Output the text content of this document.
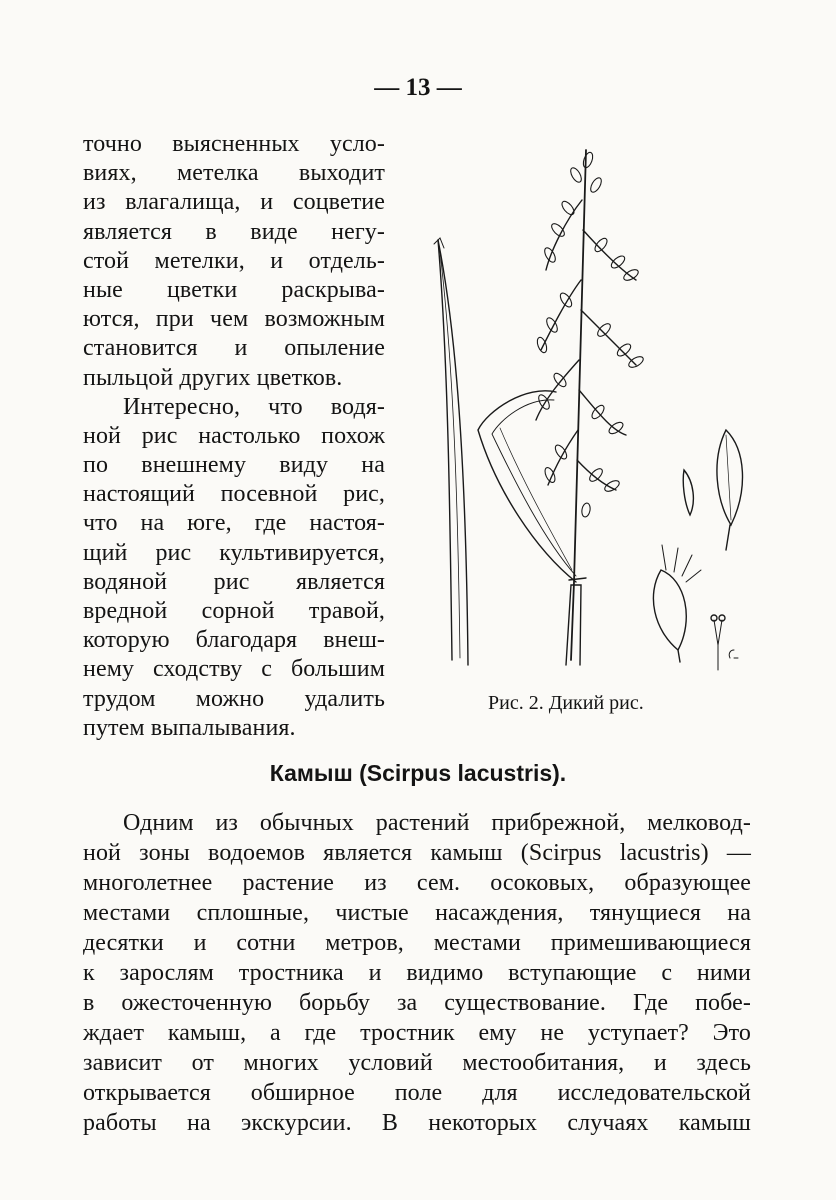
— 13 —
точно выясненных усло-
виях, метелка выходит
из влагалища, и соцветие
является в виде негу-
стой метелки, и отдель-
ные цветки раскрыва-
ются, при чем возможным
становится и опыление
пыльцой других цветков.
Интересно, что водя-
ной рис настолько похож
по внешнему виду на
настоящий посевной рис,
что на юге, где настоя-
щий рис культивируется,
водяной рис является
вредной сорной травой,
которую благодаря внеш-
нему сходству с большим
трудом можно удалить
путем выпалывания.
Рис. 2. Дикий рис.
Камыш (Scirpus lacustris).
Одним из обычных растений прибрежной, мелковод-
ной зоны водоемов является камыш (Scirpus lacustris) —
многолетнее растение из сем. осоковых, образующее
местами сплошные, чистые насаждения, тянущиеся на
десятки и сотни метров, местами примешивающиеся
к зарослям тростника и видимо вступающие с ними
в ожесточенную борьбу за существование. Где побе-
ждает камыш, а где тростник ему не уступает? Это
зависит от многих условий местообитания, и здесь
открывается обширное поле для исследовательской
работы на экскурсии. В некоторых случаях камыш
